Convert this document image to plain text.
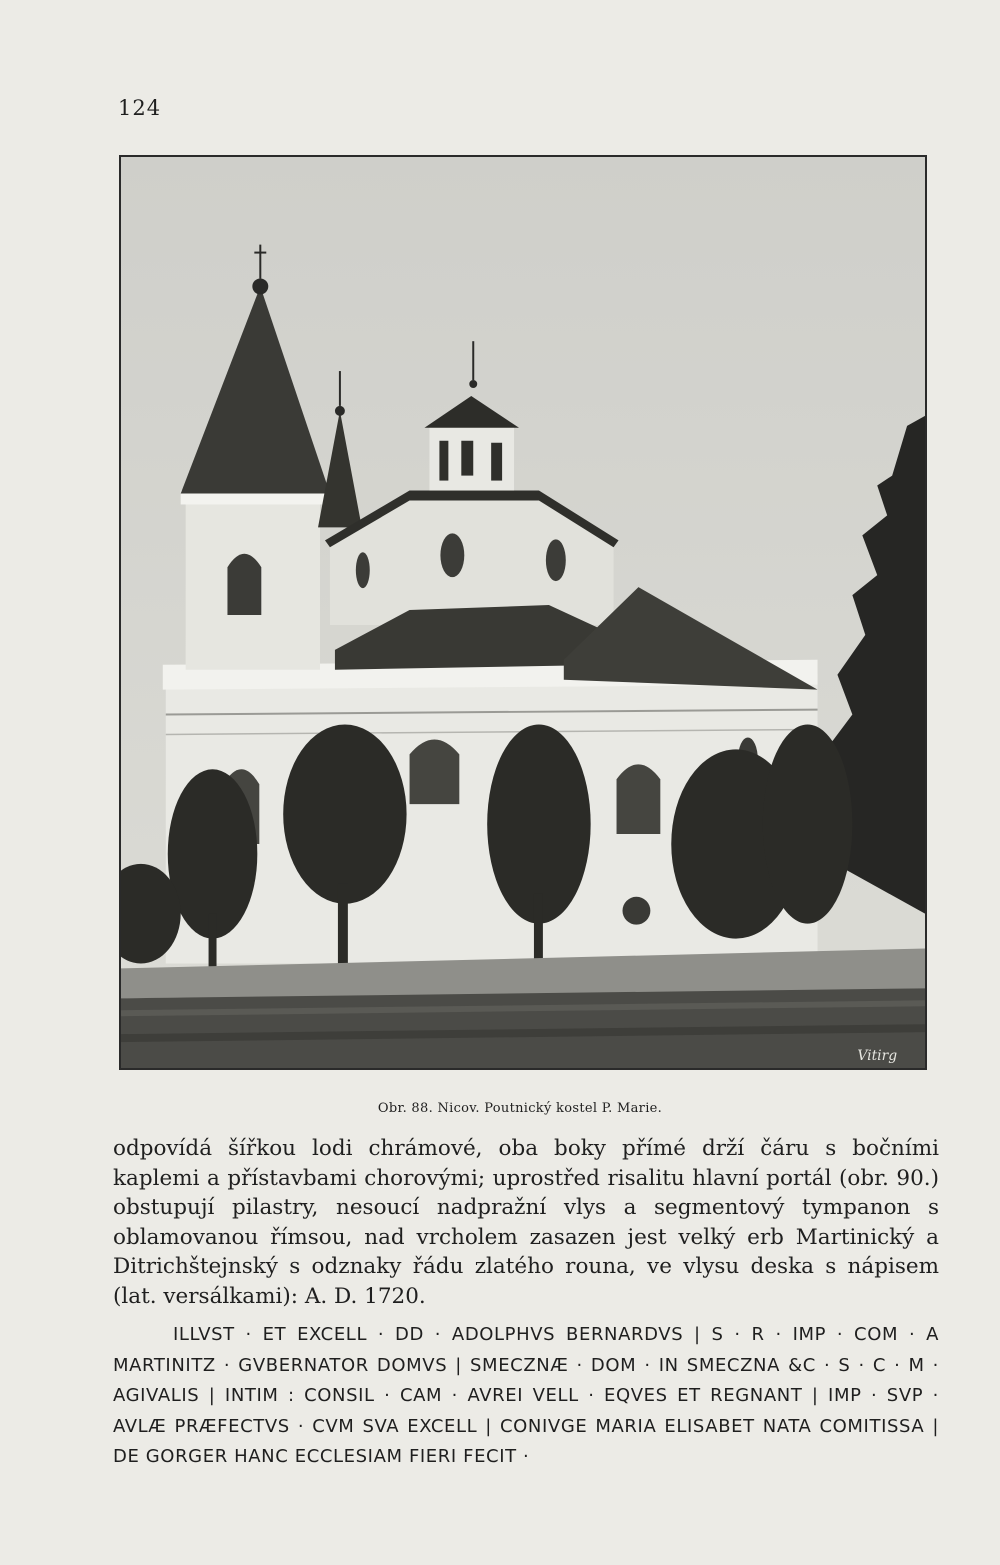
124
Vitirg
Obr. 88. Nicov. Poutnický kostel P. Marie.

odpovídá šířkou lodi chrámové, oba boky přímé drží čáru s bočními kaplemi a přístavbami chorovými; uprostřed risalitu hlavní portál (obr. 90.) obstupují pilastry, nesoucí nadpražní vlys a segmentový tympanon s oblamovanou římsou, nad vrcholem zasazen jest velký erb Martinický a Ditrichštejnský s odznaky řádu zlatého rouna, ve vlysu deska s nápisem (lat. versálkami): A. D. 1720.

ILLVST · ET EXCELL · DD · ADOLPHVS BERNARDVS | S · R · IMP · COM · A MARTINITZ · GVBERNATOR DOMVS | SMECZNÆ · DOM · IN SMECZNA &C · S · C · M · AGIVALIS | INTIM : CONSIL · CAM · AVREI VELL · EQVES ET REGNANT | IMP · SVP · AVLÆ PRÆFECTVS · CVM SVA EXCELL | CONIVGE MARIA ELISABET NATA COMITISSA | DE GORGER HANC ECCLESIAM FIERI FECIT ·
